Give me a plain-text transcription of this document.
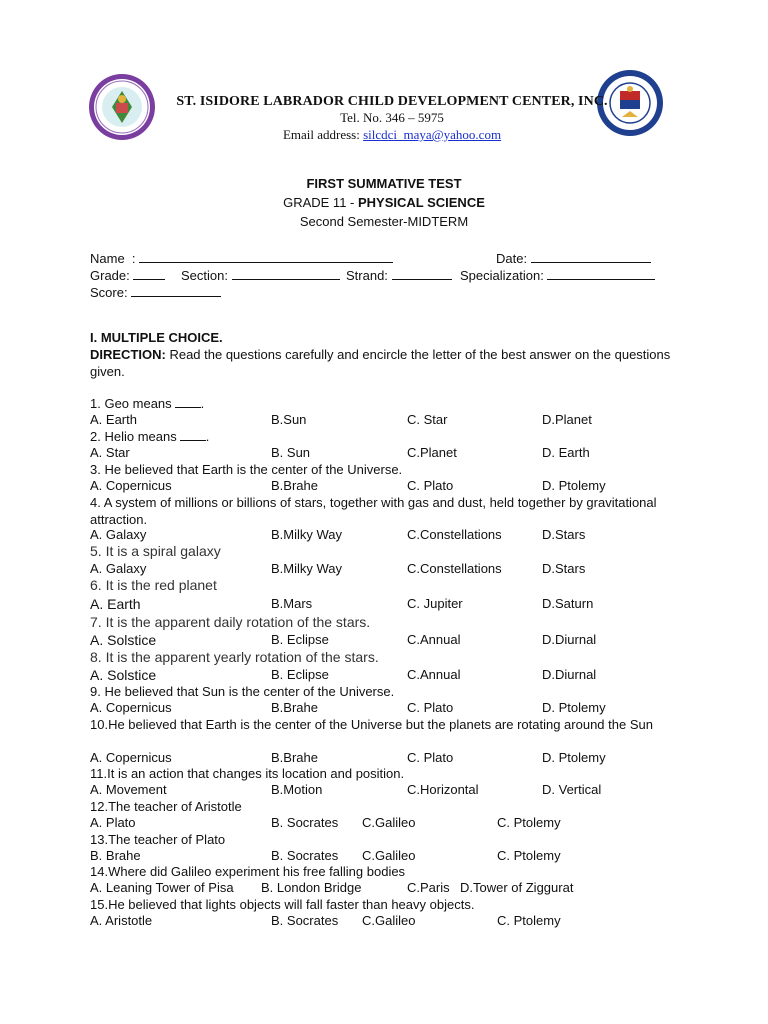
ST. ISIDORE LABRADOR CHILD DEVELOPMENT CENTER, INC.
Tel. No. 346 – 5975
Email address: silcdci_maya@yahoo.com
FIRST SUMMATIVE TEST
GRADE 11 - PHYSICAL SCIENCE
Second Semester-MIDTERM
Name  :	Date:
Grade:	Section:	Strand:	Specialization:
Score:
I. MULTIPLE CHOICE.
DIRECTION: Read the questions carefully and encircle the letter of the best answer on the questions given.
1. Geo means .
A. Earth	B.Sun	C. Star	D.Planet
2. Helio means .
A. Star	B. Sun	C.Planet	D. Earth
3. He believed that Earth is the center of the Universe.
A. Copernicus	B.Brahe	C. Plato	D. Ptolemy
4. A system of millions or billions of stars, together with gas and dust, held together by gravitational attraction.
A. Galaxy	B.Milky Way	C.Constellations	D.Stars
5. It is a spiral galaxy
A. Galaxy	B.Milky Way	C.Constellations	D.Stars
6. It is the red planet
A. Earth	B.Mars	C. Jupiter	D.Saturn
7. It is the apparent daily rotation of the stars.
A. Solstice	B. Eclipse	C.Annual	D.Diurnal
8. It is the apparent yearly rotation of the stars.
A. Solstice	B. Eclipse	C.Annual	D.Diurnal
9. He believed that Sun is the center of the Universe.
A. Copernicus	B.Brahe	C. Plato	D. Ptolemy
10.He believed that Earth is the center of the Universe but the planets are rotating around the Sun
A. Copernicus	B.Brahe	C. Plato	D. Ptolemy
11.It is an action that changes its location and position.
A. Movement	B.Motion	C.Horizontal	D. Vertical
12.The teacher of Aristotle
A. Plato	B. Socrates C.Galileo	C. Ptolemy
13.The teacher of Plato
B. Brahe	B. Socrates C.Galileo	C. Ptolemy
14.Where did Galileo experiment his free falling bodies
A. Leaning Tower of Pisa B. London Bridge	C.Paris D.Tower of Ziggurat
15.He believed that lights objects will fall faster than heavy objects.
A. Aristotle	B. Socrates C.Galileo	C. Ptolemy
